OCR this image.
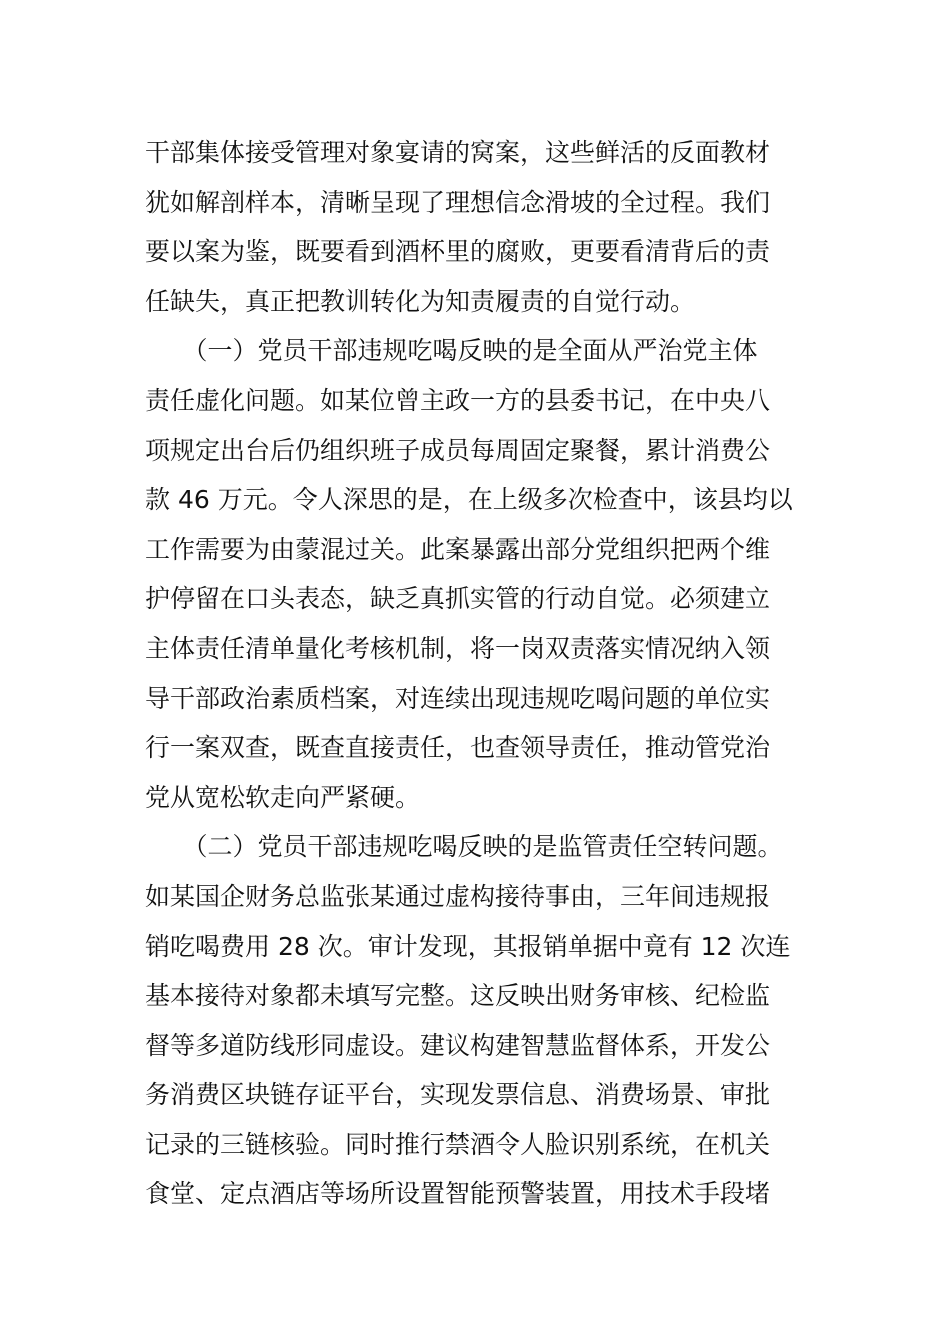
干部集体接受管理对象宴请的窝案，这些鲜活的反面教材
犹如解剖样本，清晰呈现了理想信念滑坡的全过程。我们
要以案为鉴，既要看到酒杯里的腐败，更要看清背后的责
任缺失，真正把教训转化为知责履责的自觉行动。
　　（一）党员干部违规吃喝反映的是全面从严治党主体
责任虚化问题。如某位曾主政一方的县委书记，在中央八
项规定出台后仍组织班子成员每周固定聚餐，累计消费公
款 46 万元。令人深思的是，在上级多次检查中，该县均以
工作需要为由蒙混过关。此案暴露出部分党组织把两个维
护停留在口头表态，缺乏真抓实管的行动自觉。必须建立
主体责任清单量化考核机制，将一岗双责落实情况纳入领
导干部政治素质档案，对连续出现违规吃喝问题的单位实
行一案双查，既查直接责任，也查领导责任，推动管党治
党从宽松软走向严紧硬。
　　（二）党员干部违规吃喝反映的是监管责任空转问题。
如某国企财务总监张某通过虚构接待事由，三年间违规报
销吃喝费用 28 次。审计发现，其报销单据中竟有 12 次连
基本接待对象都未填写完整。这反映出财务审核、纪检监
督等多道防线形同虚设。建议构建智慧监督体系，开发公
务消费区块链存证平台，实现发票信息、消费场景、审批
记录的三链核验。同时推行禁酒令人脸识别系统，在机关
食堂、定点酒店等场所设置智能预警装置，用技术手段堵
